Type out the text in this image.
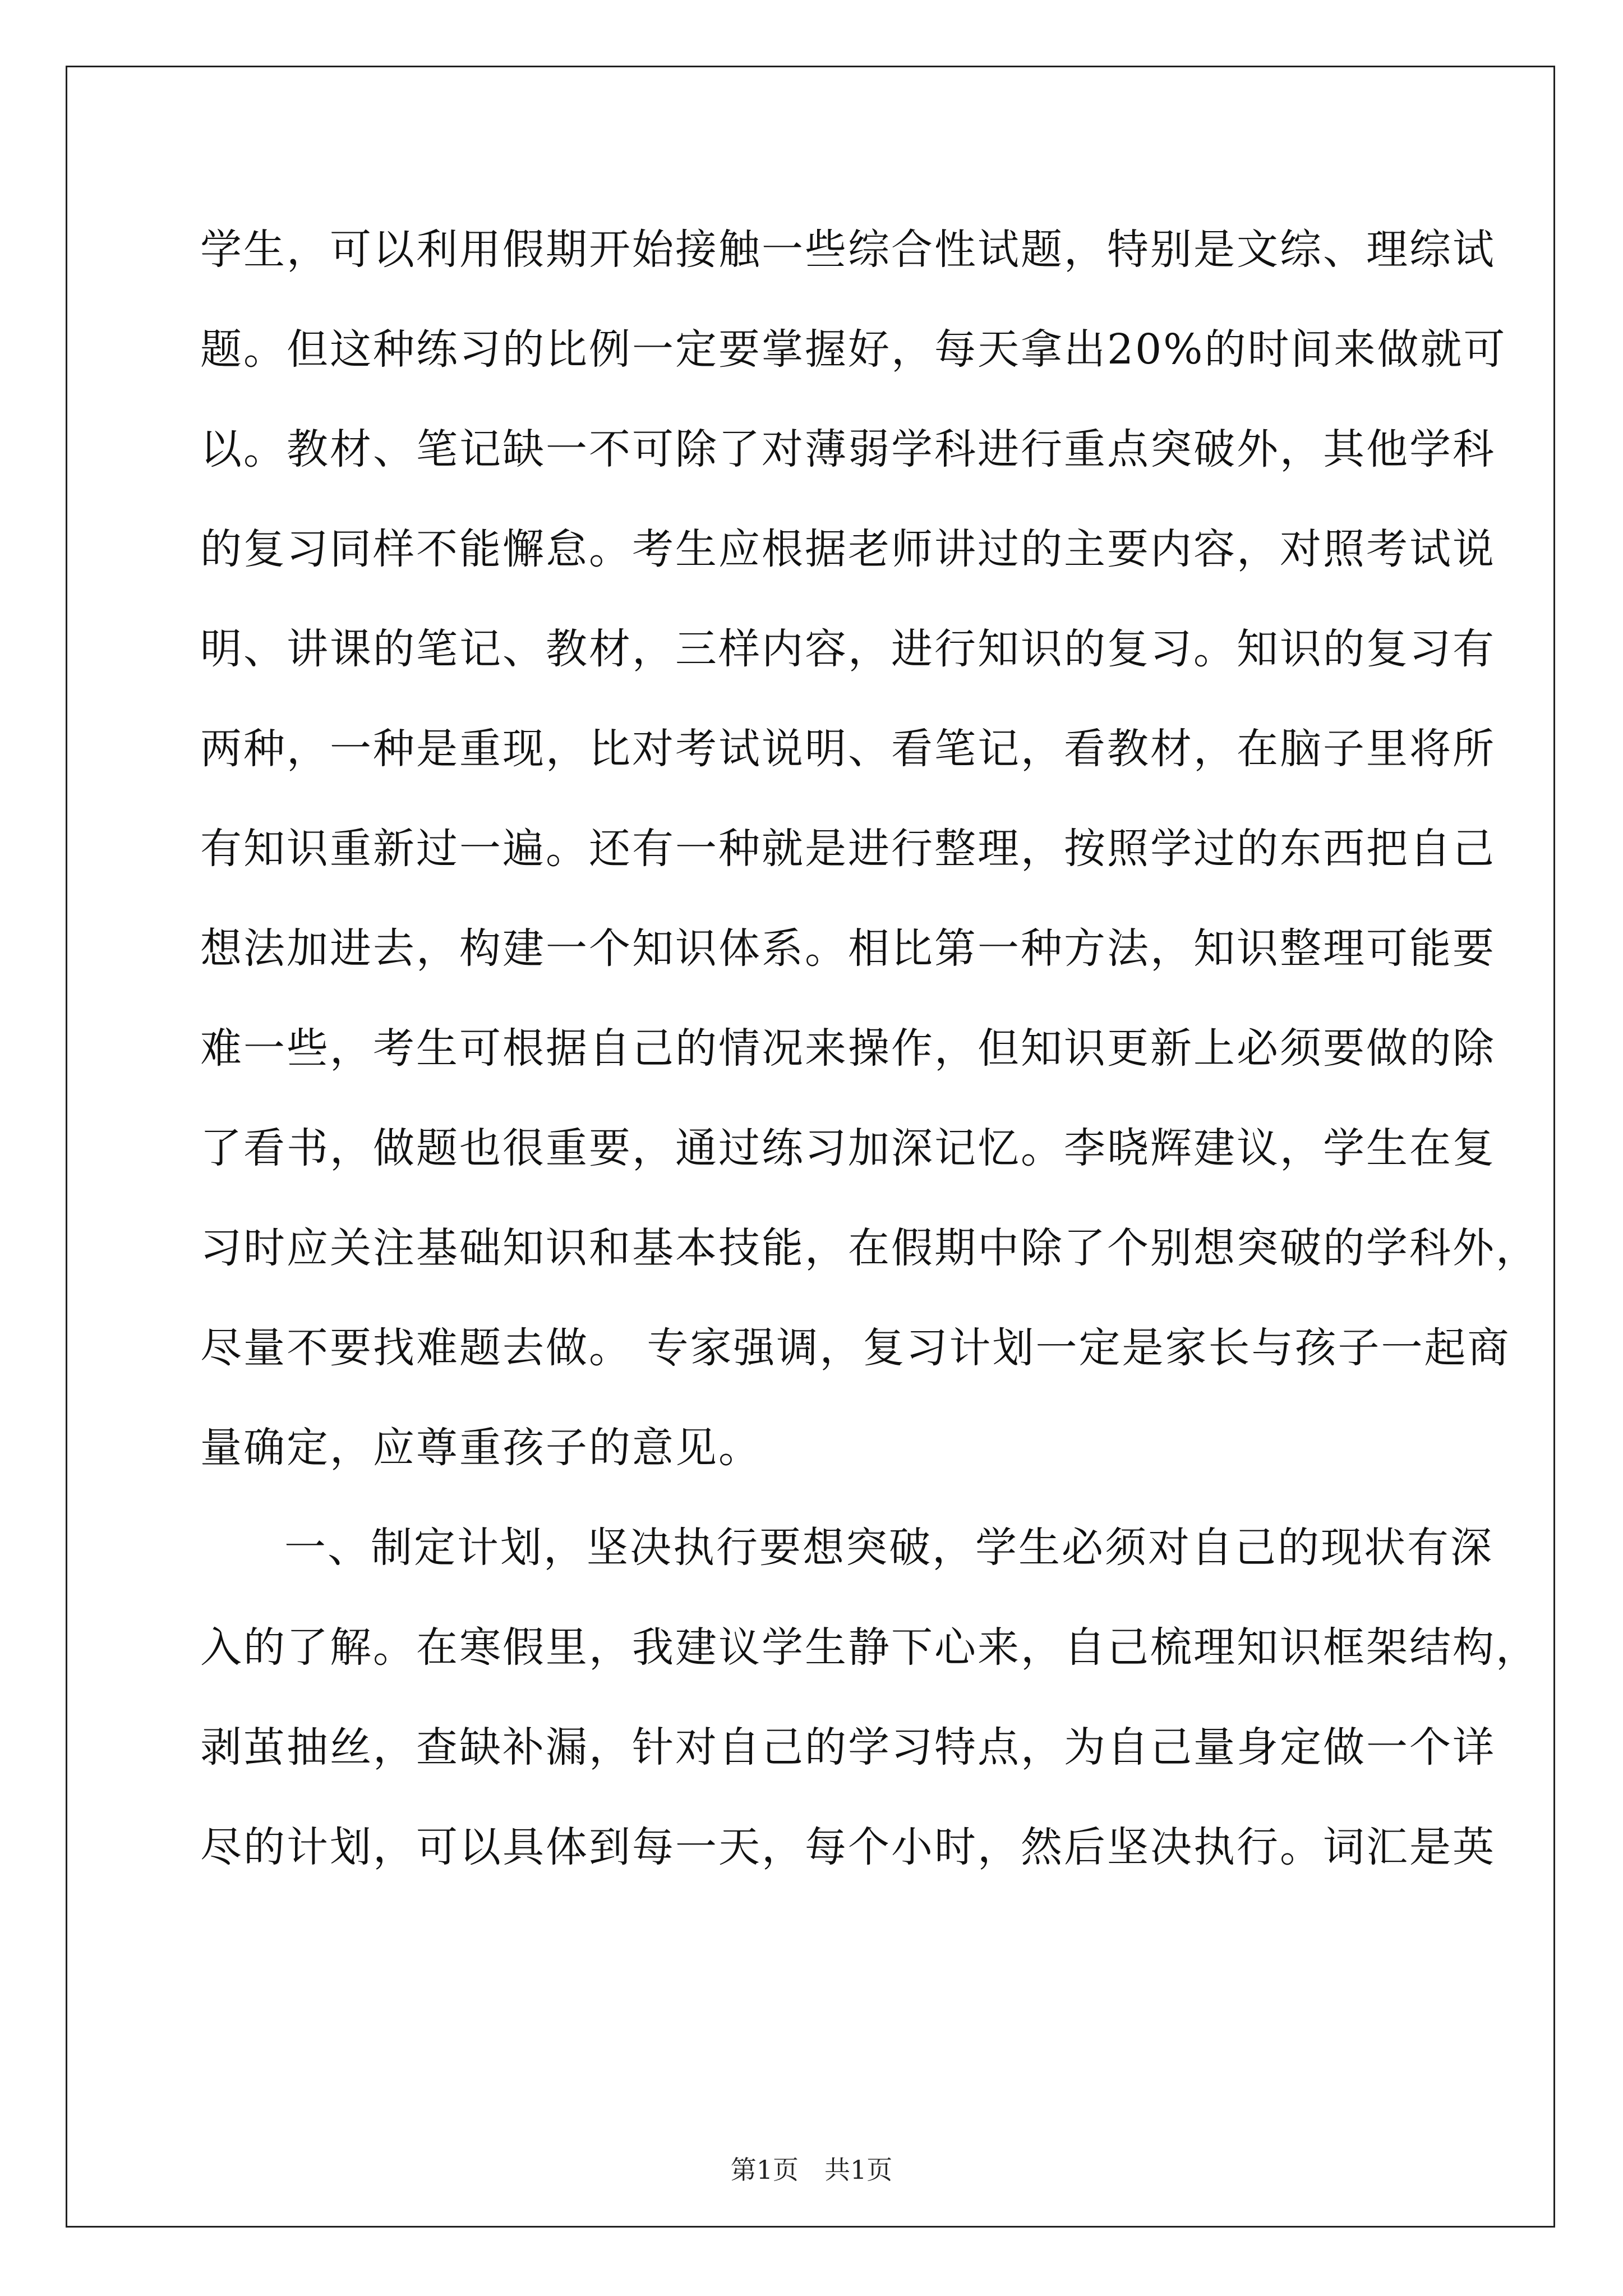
学生，可以利用假期开始接触一些综合性试题，特别是文综、理综试
题。但这种练习的比例一定要掌握好，每天拿出20%的时间来做就可
以。教材、笔记缺一不可除了对薄弱学科进行重点突破外，其他学科
的复习同样不能懈怠。考生应根据老师讲过的主要内容，对照考试说
明、讲课的笔记、教材，三样内容，进行知识的复习。知识的复习有
两种，一种是重现，比对考试说明、看笔记，看教材，在脑子里将所
有知识重新过一遍。还有一种就是进行整理，按照学过的东西把自己
想法加进去，构建一个知识体系。相比第一种方法，知识整理可能要
难一些，考生可根据自己的情况来操作，但知识更新上必须要做的除
了看书，做题也很重要，通过练习加深记忆。李晓辉建议，学生在复
习时应关注基础知识和基本技能，在假期中除了个别想突破的学科外，
尽量不要找难题去做。 专家强调，复习计划一定是家长与孩子一起商
量确定，应尊重孩子的意见。
一、制定计划，坚决执行要想突破，学生必须对自己的现状有深
入的了解。在寒假里，我建议学生静下心来，自己梳理知识框架结构，
剥茧抽丝，查缺补漏，针对自己的学习特点，为自己量身定做一个详
尽的计划，可以具体到每一天，每个小时，然后坚决执行。词汇是英
第1页　共1页
